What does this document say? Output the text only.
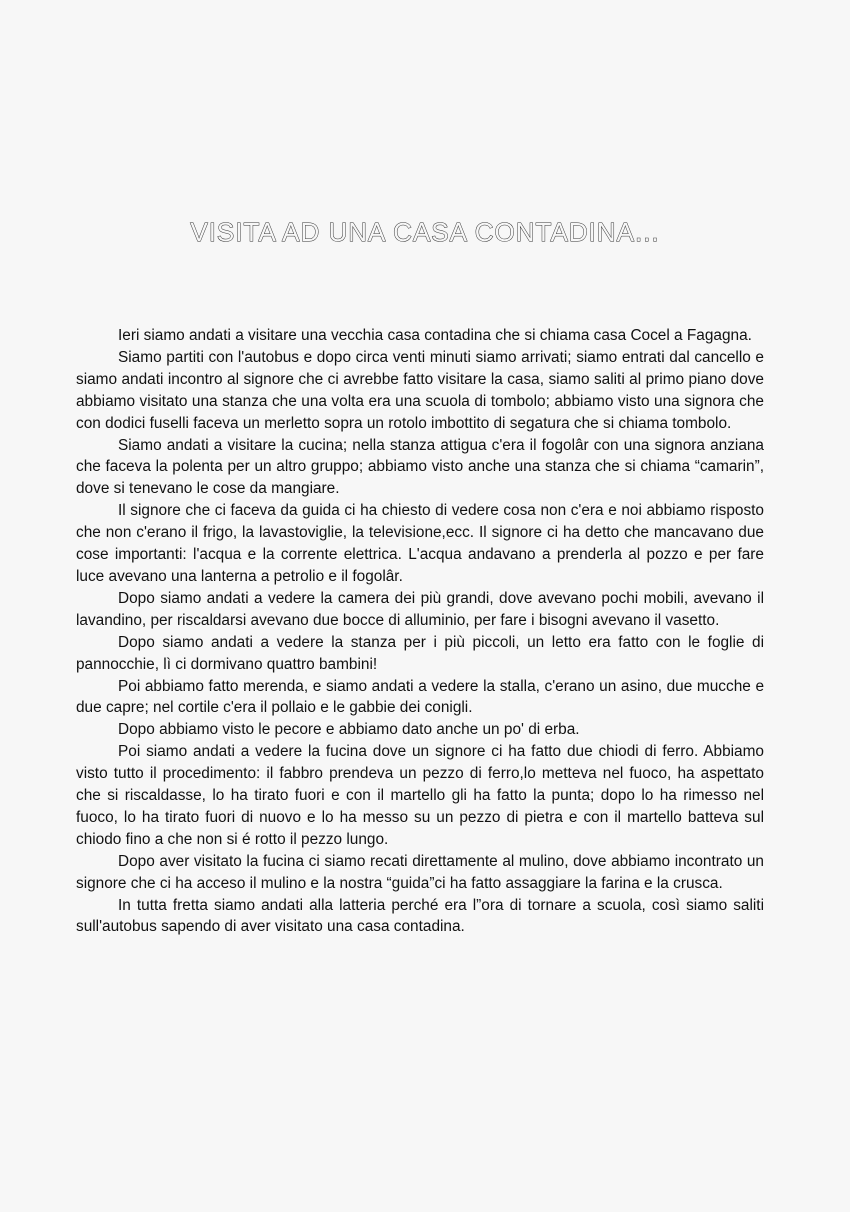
VISITA AD UNA CASA CONTADINA...

Ieri siamo andati a visitare una vecchia casa contadina che si chiama casa Cocel a Fagagna.

Siamo partiti con l'autobus e dopo circa venti minuti siamo arrivati; siamo entrati dal cancello e siamo andati incontro al signore che ci avrebbe fatto visitare la casa, siamo saliti al primo piano dove abbiamo visitato una stanza che una volta era una scuola di tombolo; abbiamo visto una signora che con dodici fuselli faceva un merletto sopra un rotolo imbottito di segatura che si chiama tombolo.

Siamo andati a visitare la cucina; nella stanza attigua c'era il fogolâr con una signora anziana che faceva la polenta per un altro gruppo; abbiamo visto anche una stanza che si chiama “camarin”, dove si tenevano le cose da mangiare.

Il signore che ci faceva da guida ci ha chiesto di vedere cosa non c'era e noi abbiamo risposto che non c'erano il frigo, la lavastoviglie, la televisione,ecc. Il signore ci ha detto che mancavano due cose importanti: l'acqua e la corrente elettrica. L'acqua andavano a prenderla al pozzo e per fare luce avevano una lanterna a petrolio e il fogolâr.

Dopo siamo andati a vedere la camera dei più grandi, dove avevano pochi mobili, avevano il lavandino, per riscaldarsi avevano due bocce di alluminio, per fare i bisogni avevano il vasetto.

Dopo siamo andati a vedere la stanza per i più piccoli, un letto era fatto con le foglie di pannocchie, lì ci dormivano quattro bambini!

Poi abbiamo fatto merenda, e siamo andati a vedere la stalla, c'erano un asino, due mucche e due capre; nel cortile c'era il pollaio e le gabbie dei conigli.

Dopo abbiamo visto le pecore e abbiamo dato anche un po' di erba.

Poi siamo andati a vedere la fucina dove un signore ci ha fatto due chiodi di ferro. Abbiamo visto tutto il procedimento: il fabbro prendeva un pezzo di ferro,lo metteva nel fuoco, ha aspettato che si riscaldasse, lo ha tirato fuori e con il martello gli ha fatto la punta; dopo lo ha rimesso nel fuoco, lo ha tirato fuori di nuovo e lo ha messo su un pezzo di pietra e con il martello batteva sul chiodo fino a che non si é rotto il pezzo lungo.

Dopo aver visitato la fucina ci siamo recati direttamente al mulino, dove abbiamo incontrato un signore che ci ha acceso il mulino e la nostra “guida”ci ha fatto assaggiare la farina e la crusca.

In tutta fretta siamo andati alla latteria perché era l”ora di tornare a scuola, così siamo saliti sull'autobus sapendo di aver visitato una casa contadina.
